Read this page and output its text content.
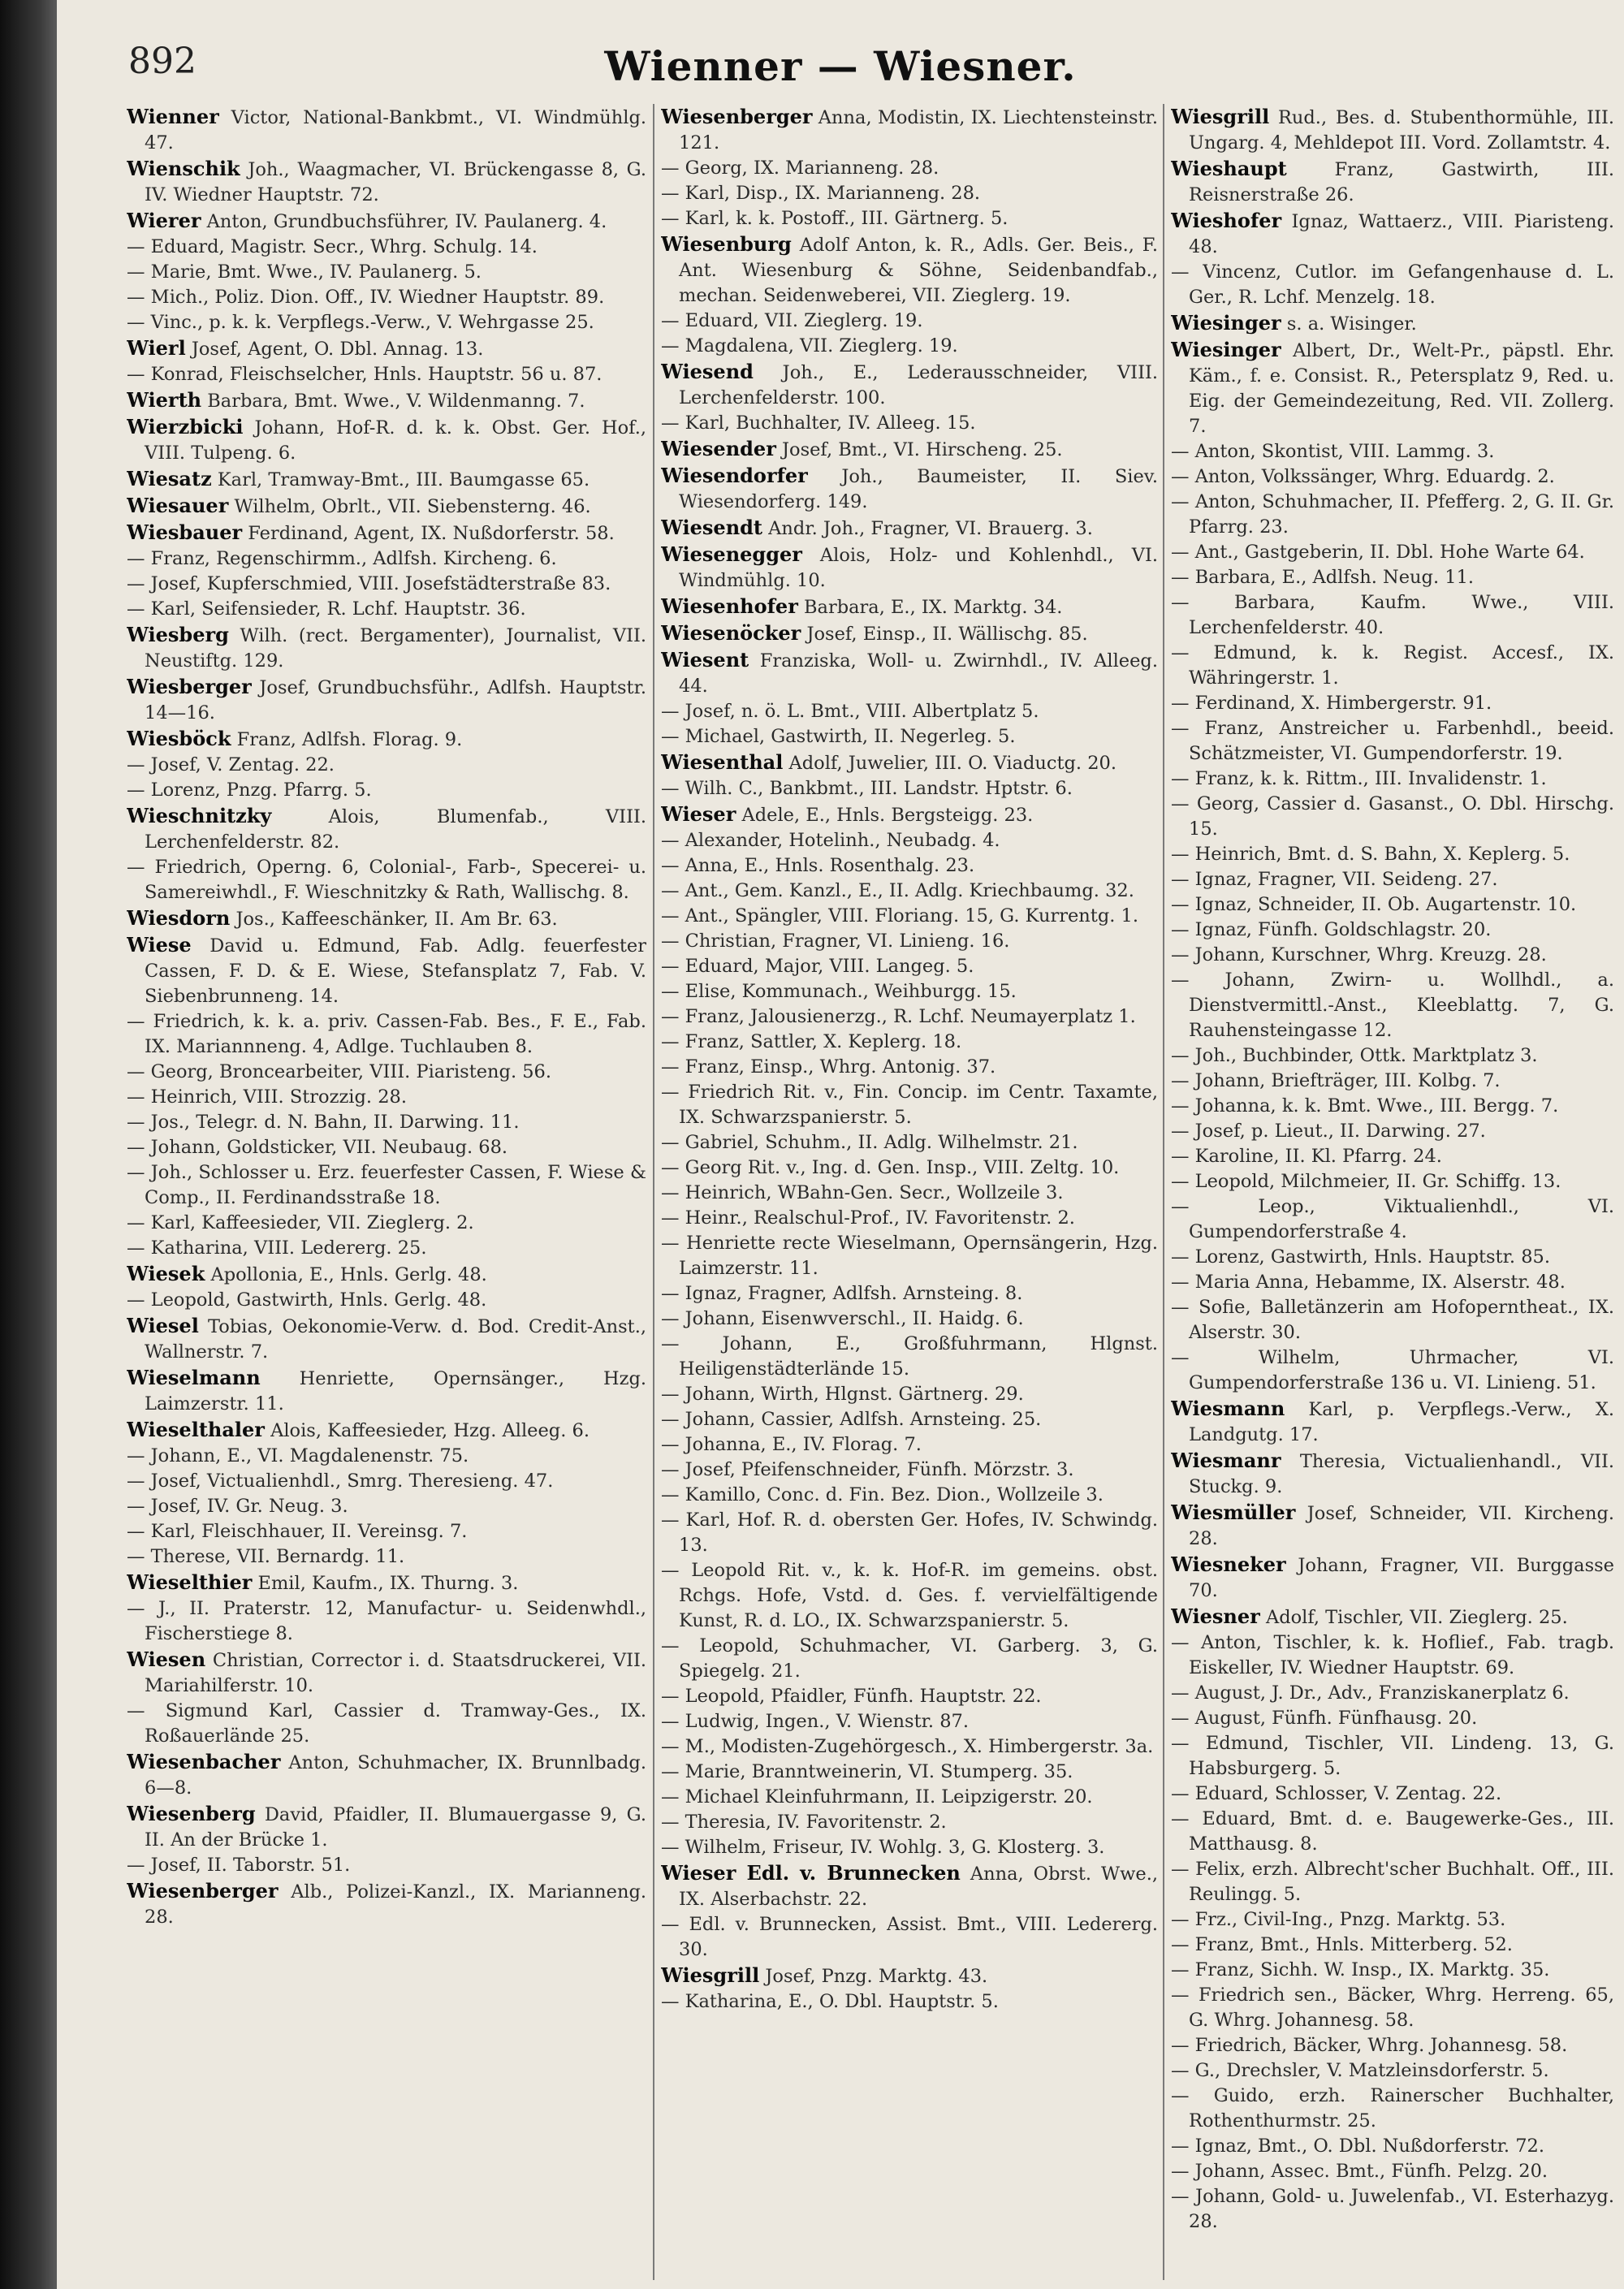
892	Wienner — Wiesner.
Wienner Victor, National-Bankbmt., VI. Windmühlg. 47.
Wienschik Joh., Waagmacher, VI. Brückengasse 8, G. IV. Wiedner Hauptstr. 72.
Wierer Anton, Grundbuchsführer, IV. Paulanerg. 4.
— Eduard, Magistr. Secr., Whrg. Schulg. 14.
— Marie, Bmt. Wwe., IV. Paulanerg. 5.
— Mich., Poliz. Dion. Off., IV. Wiedner Hauptstr. 89.
— Vinc., p. k. k. Verpflegs.-Verw., V. Wehrgasse 25.
Wierl Josef, Agent, O. Dbl. Annag. 13.
— Konrad, Fleischselcher, Hnls. Hauptstr. 56 u. 87.
Wierth Barbara, Bmt. Wwe., V. Wildenmanng. 7.
Wierzbicki Johann, Hof-R. d. k. k. Obst. Ger. Hof., VIII. Tulpeng. 6.
Wiesatz Karl, Tramway-Bmt., III. Baumgasse 65.
Wiesauer Wilhelm, Obrlt., VII. Siebensterng. 46.
Wiesbauer Ferdinand, Agent, IX. Nußdorferstr. 58.
— Franz, Regenschirmm., Adlfsh. Kircheng. 6.
— Josef, Kupferschmied, VIII. Josefstädterstraße 83.
— Karl, Seifensieder, R. Lchf. Hauptstr. 36.
Wiesberg Wilh. (rect. Bergamenter), Journalist, VII. Neustiftg. 129.
Wiesberger Josef, Grundbuchsführ., Adlfsh. Hauptstr. 14—16.
Wiesböck Franz, Adlfsh. Florag. 9.
— Josef, V. Zentag. 22.
— Lorenz, Pnzg. Pfarrg. 5.
Wieschnitzky	Alois, Blumenfab., VIII. Lerchenfelderstr. 82.
— Friedrich, Operng. 6, Colonial-, Farb-, Specerei- u. Samereiwhdl., F. Wieschnitzky & Rath, Wallischg. 8.
Wiesdorn Jos., Kaffeeschänker, II. Am Br. 63.
Wiese David u. Edmund, Fab. Adlg. feuerfester Cassen, F. D. & E. Wiese, Stefansplatz 7, Fab. V. Siebenbrunneng. 14.
— Friedrich, k. k. a. priv. Cassen-Fab. Bes., F. E., Fab. IX. Mariannneng. 4, Adlge. Tuchlauben 8.
— Georg, Broncearbeiter, VIII. Piaristeng. 56.
— Heinrich, VIII. Strozzig. 28.
— Jos., Telegr. d. N. Bahn, II. Darwing. 11.
— Johann, Goldsticker, VII. Neubaug. 68.
— Joh., Schlosser u. Erz. feuerfester Cassen, F. Wiese & Comp., II. Ferdinandsstraße 18.
— Karl, Kaffeesieder, VII. Zieglerg. 2.
— Katharina, VIII. Ledererg. 25.
Wiesek Apollonia, E., Hnls. Gerlg. 48.
— Leopold, Gastwirth, Hnls. Gerlg. 48.
Wiesel Tobias, Oekonomie-Verw. d. Bod. Credit-Anst., Wallnerstr. 7.
Wieselmann Henriette, Opernsänger., Hzg. Laimzerstr. 11.
Wieselthaler Alois, Kaffeesieder, Hzg. Alleeg. 6.
— Johann, E., VI. Magdalenenstr. 75.
— Josef, Victualienhdl., Smrg. Theresieng. 47.
— Josef, IV. Gr. Neug. 3.
— Karl, Fleischhauer, II. Vereinsg. 7.
— Therese, VII. Bernardg. 11.
Wieselthier Emil, Kaufm., IX. Thurng. 3.
— J., II. Praterstr. 12, Manufactur- u. Seidenwhdl., Fischerstiege 8.
Wiesen Christian, Corrector i. d. Staatsdruckerei, VII. Mariahilferstr. 10.
— Sigmund Karl, Cassier d. Tramway-Ges., IX. Roßauerlände 25.
Wiesenbacher Anton, Schuhmacher, IX. Brunnlbadg. 6—8.
Wiesenberg David, Pfaidler, II. Blumauergasse 9, G. II. An der Brücke 1.
— Josef, II. Taborstr. 51.
Wiesenberger Alb., Polizei-Kanzl., IX. Marianneng. 28.
Wiesenberger Anna, Modistin, IX. Liechtensteinstr. 121.
— Georg, IX. Marianneng. 28.
— Karl, Disp., IX. Marianneng. 28.
— Karl, k. k. Postoff., III. Gärtnerg. 5.
Wiesenburg Adolf Anton, k. R., Adls. Ger. Beis., F. Ant. Wiesenburg & Söhne, Seidenbandfab., mechan. Seidenweberei, VII. Zieglerg. 19.
— Eduard, VII. Zieglerg. 19.
— Magdalena, VII. Zieglerg. 19.
Wiesend Joh., E., Lederausschneider, VIII. Lerchenfelderstr. 100.
— Karl, Buchhalter, IV. Alleeg. 15.
Wiesender Josef, Bmt., VI. Hirscheng. 25.
Wiesendorfer Joh., Baumeister, II. Siev. Wiesendorferg. 149.
Wiesendt Andr. Joh., Fragner, VI. Brauerg. 3.
Wiesenegger Alois, Holz- und Kohlenhdl., VI. Windmühlg. 10.
Wiesenhofer Barbara, E., IX. Marktg. 34.
Wiesenöcker Josef, Einsp., II. Wällischg. 85.
Wiesent Franziska, Woll- u. Zwirnhdl., IV. Alleeg. 44.
— Josef, n. ö. L. Bmt., VIII. Albertplatz 5.
— Michael, Gastwirth, II. Negerleg. 5.
Wiesenthal Adolf, Juwelier, III. O. Viaductg. 20.
— Wilh. C., Bankbmt., III. Landstr. Hptstr. 6.
Wieser Adele, E., Hnls. Bergsteigg. 23.
— Alexander, Hotelinh., Neubadg. 4.
— Anna, E., Hnls. Rosenthalg. 23.
— Ant., Gem. Kanzl., E., II. Adlg. Kriechbaumg. 32.
— Ant., Spängler, VIII. Floriang. 15, G. Kurrentg. 1.
— Christian, Fragner, VI. Linieng. 16.
— Eduard, Major, VIII. Langeg. 5.
— Elise, Kommunach., Weihburgg. 15.
— Franz, Jalousienerzg., R. Lchf. Neumayerplatz 1.
— Franz, Sattler, X. Keplerg. 18.
— Franz, Einsp., Whrg. Antonig. 37.
— Friedrich Rit. v., Fin. Concip. im Centr. Taxamte, IX. Schwarzspanierstr. 5.
— Gabriel, Schuhm., II. Adlg. Wilhelmstr. 21.
— Georg Rit. v., Ing. d. Gen. Insp., VIII. Zeltg. 10.
— Heinrich, WBahn-Gen. Secr., Wollzeile 3.
— Heinr., Realschul-Prof., IV. Favoritenstr. 2.
— Henriette recte Wieselmann, Opernsängerin, Hzg. Laimzerstr. 11.
— Ignaz, Fragner, Adlfsh. Arnsteing. 8.
— Johann, Eisenwverschl., II. Haidg. 6.
— Johann, E., Großfuhrmann, Hlgnst. Heiligenstädterlände 15.
— Johann, Wirth, Hlgnst. Gärtnerg. 29.
— Johann, Cassier, Adlfsh. Arnsteing. 25.
— Johanna, E., IV. Florag. 7.
— Josef, Pfeifenschneider, Fünfh. Mörzstr. 3.
— Kamillo, Conc. d. Fin. Bez. Dion., Wollzeile 3.
— Karl, Hof. R. d. obersten Ger. Hofes, IV. Schwindg. 13.
— Leopold Rit. v., k. k. Hof-R. im gemeins. obst. Rchgs. Hofe, Vstd. d. Ges. f. vervielfältigende Kunst, R. d. LO., IX. Schwarzspanierstr. 5.
— Leopold, Schuhmacher, VI. Garberg. 3, G. Spiegelg. 21.
— Leopold, Pfaidler, Fünfh. Hauptstr. 22.
— Ludwig, Ingen., V. Wienstr. 87.
— M., Modisten-Zugehörgesch., X. Himbergerstr. 3a.
— Marie, Branntweinerin, VI. Stumperg. 35.
— Michael Kleinfuhrmann, II. Leipzigerstr. 20.
— Theresia, IV. Favoritenstr. 2.
— Wilhelm, Friseur, IV. Wohlg. 3, G. Klosterg. 3.
Wieser Edl. v. Brunnecken Anna, Obrst. Wwe., IX. Alserbachstr. 22.
— Edl. v. Brunnecken, Assist. Bmt., VIII. Ledererg. 30.
Wiesgrill Josef, Pnzg. Marktg. 43.
— Katharina, E., O. Dbl. Hauptstr. 5.
Wiesgrill Rud., Bes. d. Stubenthormühle, III. Ungarg. 4, Mehldepot III. Vord. Zollamtstr. 4.
Wieshaupt	Franz, Gastwirth, III. Reisnerstraße 26.
Wieshofer Ignaz, Wattaerz., VIII. Piaristeng. 48.
— Vincenz, Cutlor. im Gefangenhause d. L. Ger., R. Lchf. Menzelg. 18.
Wiesinger s. a. Wisinger.
Wiesinger Albert, Dr., Welt-Pr., päpstl. Ehr. Käm., f. e. Consist. R., Petersplatz 9, Red. u. Eig. der Gemeindezeitung, Red. VII. Zollerg. 7.
— Anton, Skontist, VIII. Lammg. 3.
— Anton, Volkssänger, Whrg. Eduardg. 2.
— Anton, Schuhmacher, II. Pfefferg. 2, G. II. Gr. Pfarrg. 23.
— Ant., Gastgeberin, II. Dbl. Hohe Warte 64.
— Barbara, E., Adlfsh. Neug. 11.
— Barbara, Kaufm. Wwe., VIII. Lerchenfelderstr. 40.
— Edmund, k. k. Regist. Accesf., IX. Währingerstr. 1.
— Ferdinand, X. Himbergerstr. 91.
— Franz, Anstreicher u. Farbenhdl., beeid. Schätzmeister, VI. Gumpendorferstr. 19.
— Franz, k. k. Rittm., III. Invalidenstr. 1.
— Georg, Cassier d. Gasanst., O. Dbl. Hirschg. 15.
— Heinrich, Bmt. d. S. Bahn, X. Keplerg. 5.
— Ignaz, Fragner, VII. Seideng. 27.
— Ignaz, Schneider, II. Ob. Augartenstr. 10.
— Ignaz, Fünfh. Goldschlagstr. 20.
— Johann, Kurschner, Whrg. Kreuzg. 28.
— Johann, Zwirn- u. Wollhdl., a. Dienstvermittl.-Anst., Kleeblattg. 7, G. Rauhensteingasse 12.
— Joh., Buchbinder, Ottk. Marktplatz 3.
— Johann, Briefträger, III. Kolbg. 7.
— Johanna, k. k. Bmt. Wwe., III. Bergg. 7.
— Josef, p. Lieut., II. Darwing. 27.
— Karoline, II. Kl. Pfarrg. 24.
— Leopold, Milchmeier, II. Gr. Schiffg. 13.
— Leop., Viktualienhdl., VI. Gumpendorferstraße 4.
— Lorenz, Gastwirth, Hnls. Hauptstr. 85.
— Maria Anna, Hebamme, IX. Alserstr. 48.
— Sofie, Balletänzerin am Hofoperntheat., IX. Alserstr. 30.
— Wilhelm, Uhrmacher, VI. Gumpendorferstraße 136 u. VI. Linieng. 51.
Wiesmann Karl, p. Verpflegs.-Verw., X. Landgutg. 17.
Wiesmanr Theresia, Victualienhandl., VII. Stuckg. 9.
Wiesmüller Josef, Schneider, VII. Kircheng. 28.
Wiesneker Johann, Fragner, VII. Burggasse 70.
Wiesner Adolf, Tischler, VII. Zieglerg. 25.
— Anton, Tischler, k. k. Hoflief., Fab. tragb. Eiskeller, IV. Wiedner Hauptstr. 69.
— August, J. Dr., Adv., Franziskanerplatz 6.
— August, Fünfh. Fünfhausg. 20.
— Edmund, Tischler, VII. Lindeng. 13, G. Habsburgerg. 5.
— Eduard, Schlosser, V. Zentag. 22.
— Eduard, Bmt. d. e. Baugewerke-Ges., III. Matthausg. 8.
— Felix, erzh. Albrecht'scher Buchhalt. Off., III. Reulingg. 5.
— Frz., Civil-Ing., Pnzg. Marktg. 53.
— Franz, Bmt., Hnls. Mitterberg. 52.
— Franz, Sichh. W. Insp., IX. Marktg. 35.
— Friedrich sen., Bäcker, Whrg. Herreng. 65, G. Whrg. Johannesg. 58.
— Friedrich, Bäcker, Whrg. Johannesg. 58.
— G., Drechsler, V. Matzleinsdorferstr. 5.
— Guido, erzh. Rainerscher Buchhalter, Rothenthurmstr. 25.
— Ignaz, Bmt., O. Dbl. Nußdorferstr. 72.
— Johann, Assec. Bmt., Fünfh. Pelzg. 20.
— Johann, Gold- u. Juwelenfab., VI. Esterhazyg. 28.
